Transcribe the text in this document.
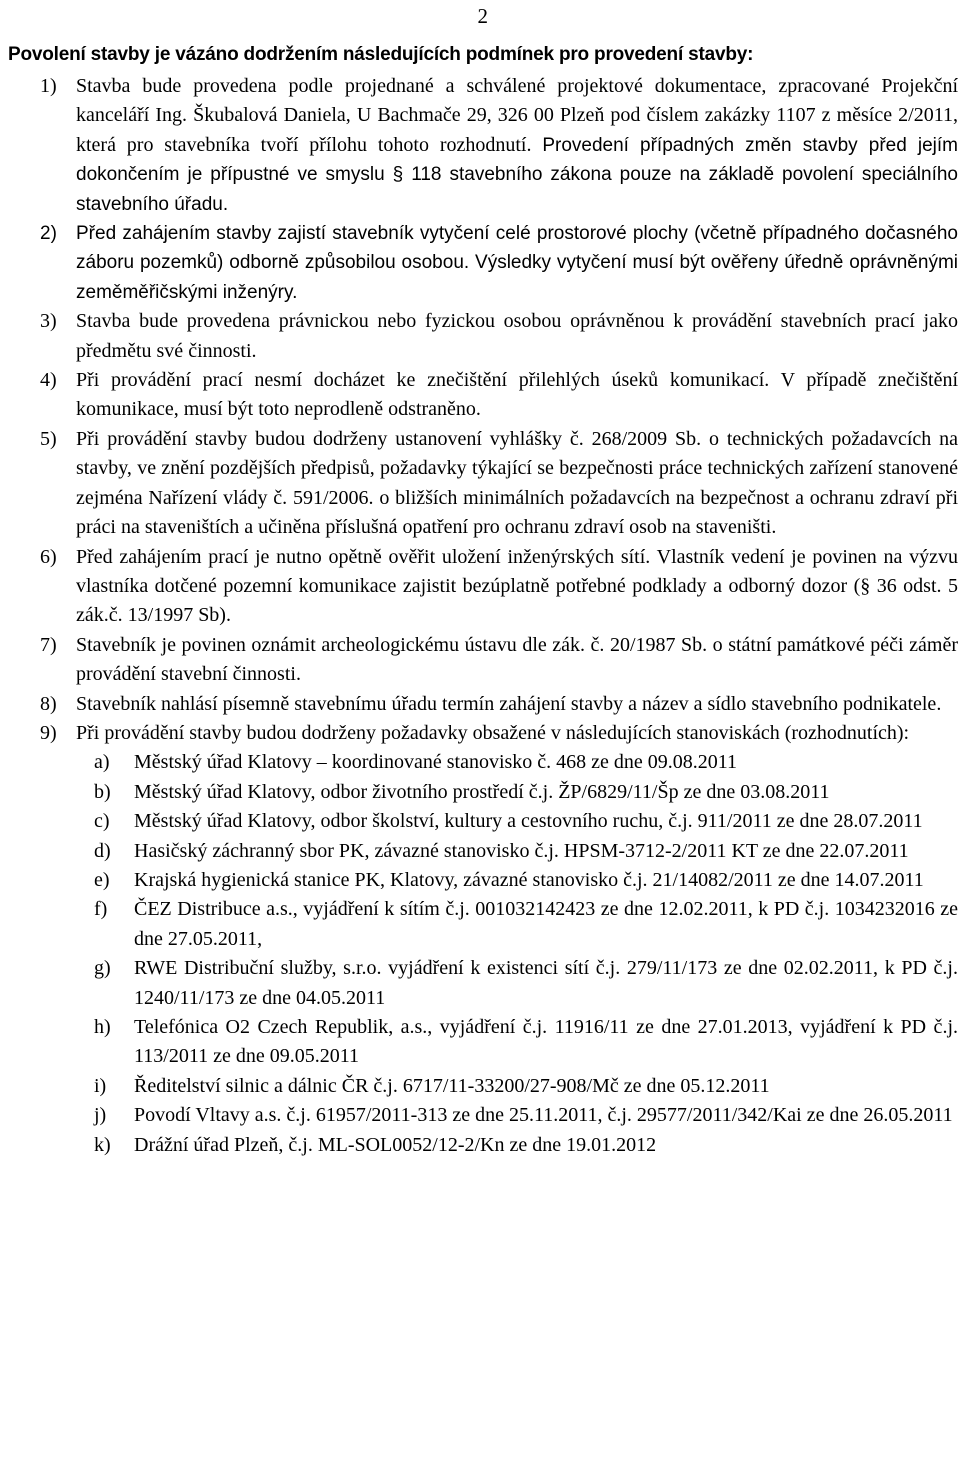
2
Povolení stavby je vázáno dodržením následujících podmínek pro provedení stavby:
1) Stavba bude provedena podle projednané a schválené projektové dokumentace, zpracované Projekční kanceláří Ing. Škubalová Daniela, U Bachmače 29, 326 00 Plzeň pod číslem zakázky 1107 z měsíce 2/2011, která pro stavebníka tvoří přílohu tohoto rozhodnutí. Provedení případných změn stavby před jejím dokončením je přípustné ve smyslu § 118 stavebního zákona pouze na základě povolení speciálního stavebního úřadu.
2)	Před zahájením stavby zajistí stavebník vytyčení celé prostorové plochy (včetně případného dočasného záboru pozemků) odborně způsobilou osobou. Výsledky vytyčení musí být ověřeny úředně oprávněnými zeměměřičskými inženýry.
3) Stavba bude provedena právnickou nebo fyzickou osobou oprávněnou k provádění stavebních prací jako předmětu své činnosti.
4) Při provádění prací nesmí docházet ke znečištění přilehlých úseků komunikací. V případě znečištění komunikace, musí být toto neprodleně odstraněno.
5) Při provádění stavby budou dodrženy ustanovení vyhlášky č. 268/2009 Sb. o technických požadavcích na stavby, ve znění pozdějších předpisů, požadavky týkající se bezpečnosti práce technických zařízení stanovené zejména Nařízení vlády č. 591/2006. o bližších minimálních požadavcích na bezpečnost a ochranu zdraví při práci na staveništích a učiněna příslušná opatření pro ochranu zdraví osob na staveništi.
6) Před zahájením prací je nutno opětně ověřit uložení inženýrských sítí. Vlastník vedení je povinen na výzvu vlastníka dotčené pozemní komunikace zajistit bezúplatně potřebné podklady a odborný dozor (§ 36 odst. 5 zák.č. 13/1997 Sb).
7) Stavebník je povinen oznámit archeologickému ústavu dle zák. č. 20/1987 Sb. o státní památkové péči záměr provádění stavební činnosti.
8) Stavebník nahlásí písemně stavebnímu úřadu termín zahájení stavby a název a sídlo stavebního podnikatele.
9) Při provádění stavby budou dodrženy požadavky obsažené v následujících stanoviskách (rozhodnutích):
a)	Městský úřad Klatovy – koordinované stanovisko č. 468 ze dne 09.08.2011
b)	Městský úřad Klatovy, odbor životního prostředí č.j. ŽP/6829/11/Šp ze dne 03.08.2011
c)	Městský úřad Klatovy, odbor školství, kultury a cestovního ruchu, č.j. 911/2011 ze dne 28.07.2011
d)	Hasičský záchranný sbor PK, závazné stanovisko č.j. HPSM-3712-2/2011 KT ze dne 22.07.2011
e)	Krajská hygienická stanice PK, Klatovy, závazné stanovisko č.j. 21/14082/2011 ze dne 14.07.2011
f)	ČEZ Distribuce a.s., vyjádření k sítím č.j. 001032142423 ze dne 12.02.2011, k PD č.j. 1034232016 ze dne 27.05.2011,
g)	RWE Distribuční služby, s.r.o. vyjádření k existenci sítí č.j. 279/11/173 ze dne 02.02.2011, k PD č.j. 1240/11/173 ze dne 04.05.2011
h)	Telefónica O2 Czech Republik, a.s., vyjádření č.j. 11916/11 ze dne 27.01.2013, vyjádření k PD č.j. 113/2011 ze dne 09.05.2011
i)	Ředitelství silnic a dálnic ČR č.j. 6717/11-33200/27-908/Mč ze dne 05.12.2011
j)	Povodí Vltavy a.s. č.j. 61957/2011-313 ze dne 25.11.2011, č.j. 29577/2011/342/Kai ze dne 26.05.2011
k)	Drážní úřad Plzeň, č.j. ML-SOL0052/12-2/Kn ze dne 19.01.2012
